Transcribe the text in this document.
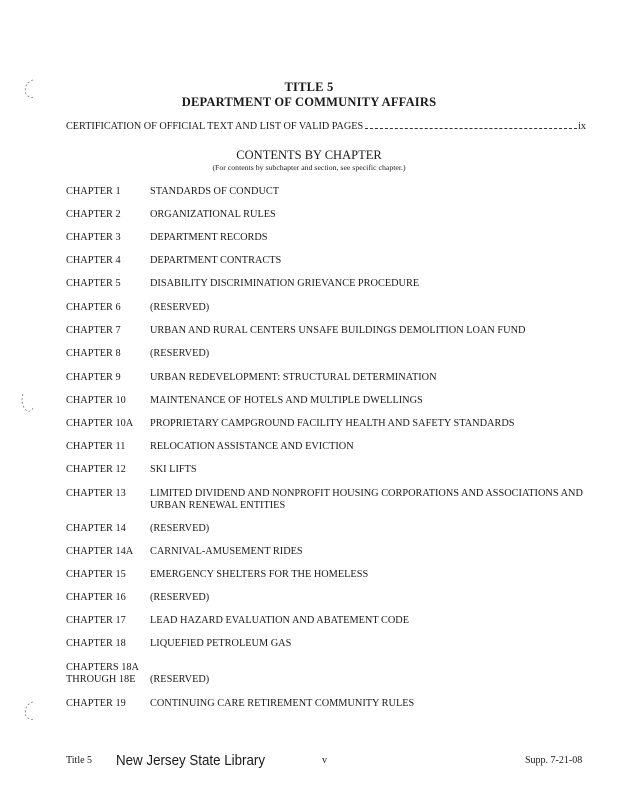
TITLE 5
DEPARTMENT OF COMMUNITY AFFAIRS
CERTIFICATION OF OFFICIAL TEXT AND LIST OF VALID PAGES	ix
CONTENTS BY CHAPTER
(For contents by subchapter and section, see specific chapter.)
CHAPTER 1	STANDARDS OF CONDUCT
CHAPTER 2	ORGANIZATIONAL RULES
CHAPTER 3	DEPARTMENT RECORDS
CHAPTER 4	DEPARTMENT CONTRACTS
CHAPTER 5	DISABILITY DISCRIMINATION GRIEVANCE PROCEDURE
CHAPTER 6	(RESERVED)
CHAPTER 7	URBAN AND RURAL CENTERS UNSAFE BUILDINGS DEMOLITION LOAN FUND
CHAPTER 8	(RESERVED)
CHAPTER 9	URBAN REDEVELOPMENT: STRUCTURAL DETERMINATION
CHAPTER 10	MAINTENANCE OF HOTELS AND MULTIPLE DWELLINGS
CHAPTER 10A	PROPRIETARY CAMPGROUND FACILITY HEALTH AND SAFETY STANDARDS
CHAPTER 11	RELOCATION ASSISTANCE AND EVICTION
CHAPTER 12	SKI LIFTS
CHAPTER 13	LIMITED DIVIDEND AND NONPROFIT HOUSING CORPORATIONS AND ASSOCIATIONS AND URBAN RENEWAL ENTITIES
CHAPTER 14	(RESERVED)
CHAPTER 14A	CARNIVAL-AMUSEMENT RIDES
CHAPTER 15	EMERGENCY SHELTERS FOR THE HOMELESS
CHAPTER 16	(RESERVED)
CHAPTER 17	LEAD HAZARD EVALUATION AND ABATEMENT CODE
CHAPTER 18	LIQUEFIED PETROLEUM GAS
CHAPTERS 18A
THROUGH 18E	(RESERVED)
CHAPTER 19	CONTINUING CARE RETIREMENT COMMUNITY RULES
Title 5 New Jersey State Library	v	Supp. 7-21-08
